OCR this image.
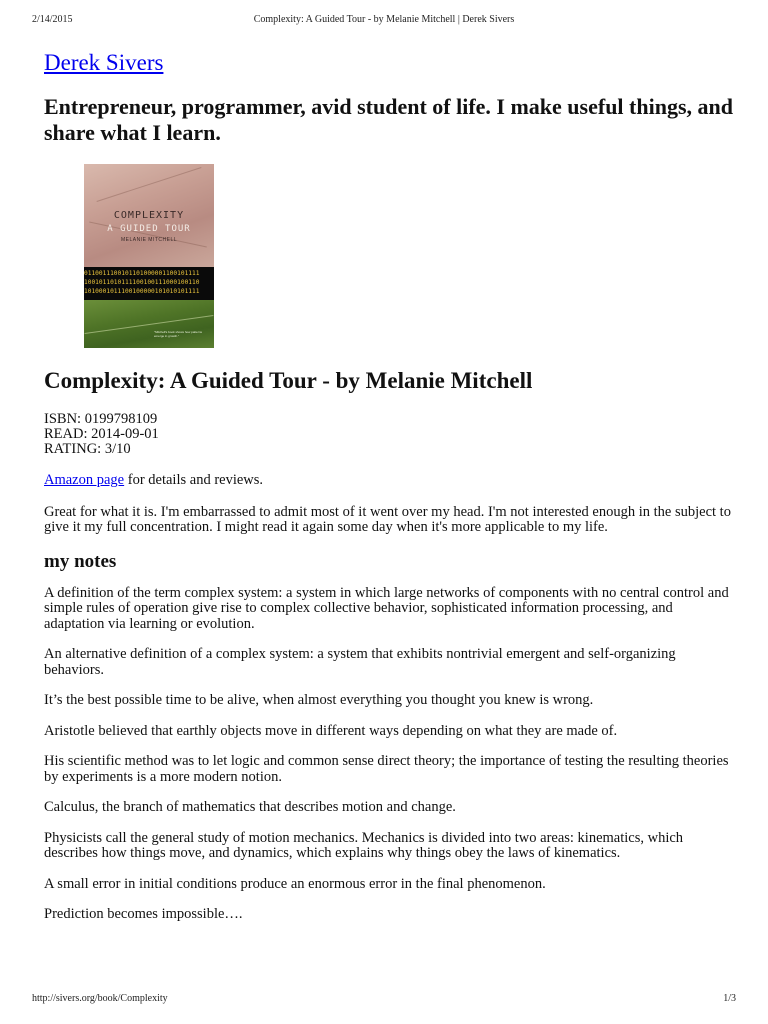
2/14/2015	Complexity: A Guided Tour - by Melanie Mitchell | Derek Sivers
Derek Sivers
Entrepreneur, programmer, avid student of life. I make useful things, and share what I learn.
COMPLEXITY
A GUIDED TOUR
MELANIE MITCHELL
0110011100101101000001100101111
1001011010111100100111000100110
1010001011100100000101010101111
"Mitchell's book shows how patterns emerge in growth."
Complexity: A Guided Tour - by Melanie Mitchell
ISBN: 0199798109
READ: 2014-09-01
RATING: 3/10

Amazon page for details and reviews.

Great for what it is. I'm embarrassed to admit most of it went over my head. I'm not interested enough in the subject to give it my full concentration. I might read it again some day when it's more applicable to my life.

my notes

A definition of the term complex system: a system in which large networks of components with no central control and simple rules of operation give rise to complex collective behavior, sophisticated information processing, and adaptation via learning or evolution.

An alternative definition of a complex system: a system that exhibits nontrivial emergent and self-organizing behaviors.

It’s the best possible time to be alive, when almost everything you thought you knew is wrong.

Aristotle believed that earthly objects move in different ways depending on what they are made of.

His scientific method was to let logic and common sense direct theory; the importance of testing the resulting theories by experiments is a more modern notion.

Calculus, the branch of mathematics that describes motion and change.

Physicists call the general study of motion mechanics. Mechanics is divided into two areas: kinematics, which describes how things move, and dynamics, which explains why things obey the laws of kinematics.

A small error in initial conditions produce an enormous error in the final phenomenon.

Prediction becomes impossible….

http://sivers.org/book/Complexity	1/3
